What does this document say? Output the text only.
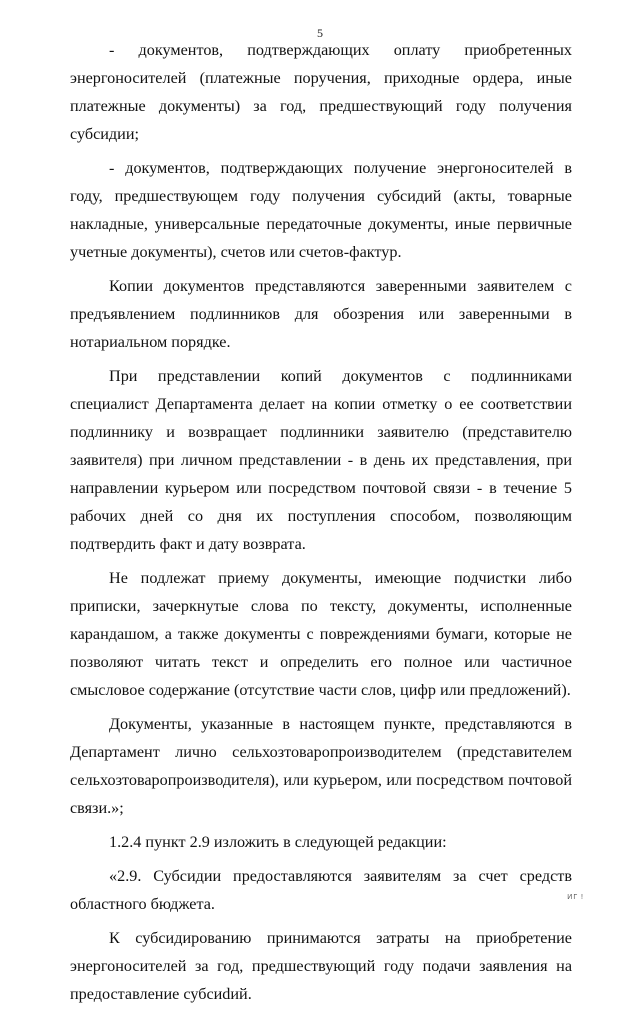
5

- документов, подтверждающих оплату приобретенных энергоносителей (платежные поручения, приходные ордера, иные платежные документы) за год, предшествующий году получения субсидии;

- документов, подтверждающих получение энергоносителей в году, предшествующем году получения субсидий (акты, товарные накладные, универсальные передаточные документы, иные первичные учетные документы), счетов или счетов-фактур.

Копии документов представляются заверенными заявителем с предъявлением подлинников для обозрения или заверенными в нотариальном порядке.

При представлении копий документов с подлинниками специалист Департамента делает на копии отметку о ее соответствии подлиннику и возвращает подлинники заявителю (представителю заявителя) при личном представлении - в день их представления, при направлении курьером или посредством почтовой связи - в течение 5 рабочих дней со дня их поступления способом, позволяющим подтвердить факт и дату возврата.

Не подлежат приему документы, имеющие подчистки либо приписки, зачеркнутые слова по тексту, документы, исполненные карандашом, а также документы с повреждениями бумаги, которые не позволяют читать текст и определить его полное или частичное смысловое содержание (отсутствие части слов, цифр или предложений).

Документы, указанные в настоящем пункте, представляются в Департамент лично сельхозтоваропроизводителем (представителем сельхозтоваропроизводителя), или курьером, или посредством почтовой связи.»;

1.2.4 пункт 2.9 изложить в следующей редакции:

«2.9. Субсидии предоставляются заявителям за счет средств областного бюджета.

К субсидированию принимаются затраты на приобретение энергоносителей за год, предшествующий году подачи заявления на предоставление субсиdий.

ИГ !
